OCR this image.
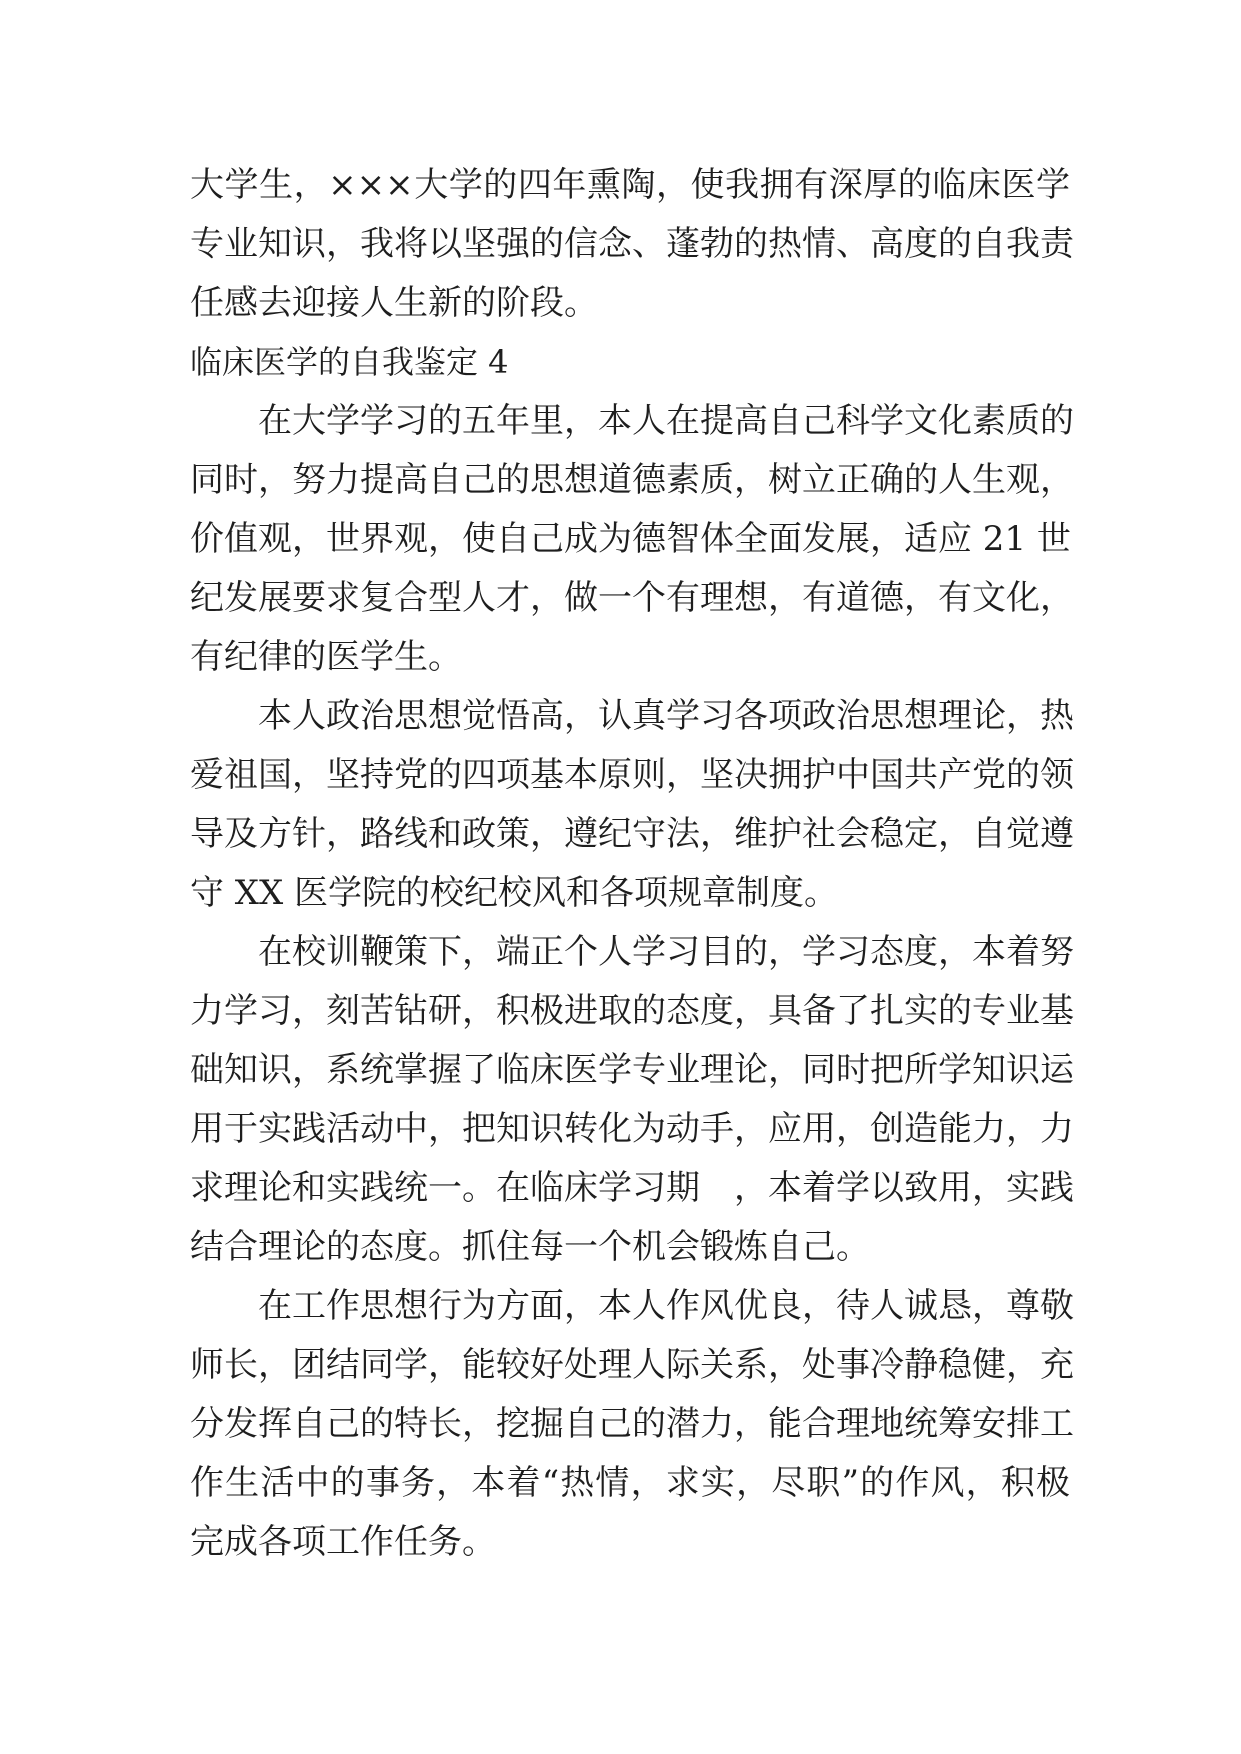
大学生，×××大学的四年熏陶，使我拥有深厚的临床医学
专业知识，我将以坚强的信念、蓬勃的热情、高度的自我责
任感去迎接人生新的阶段。
临床医学的自我鉴定 4
在大学学习的五年里，本人在提高自己科学文化素质的
同时，努力提高自己的思想道德素质，树立正确的人生观，
价值观，世界观，使自己成为德智体全面发展，适应 21 世
纪发展要求复合型人才，做一个有理想，有道德，有文化，
有纪律的医学生。
本人政治思想觉悟高，认真学习各项政治思想理论，热
爱祖国，坚持党的四项基本原则，坚决拥护中国共产党的领
导及方针，路线和政策，遵纪守法，维护社会稳定，自觉遵
守 XX 医学院的校纪校风和各项规章制度。
在校训鞭策下，端正个人学习目的，学习态度，本着努
力学习，刻苦钻研，积极进取的态度，具备了扎实的专业基
础知识，系统掌握了临床医学专业理论，同时把所学知识运
用于实践活动中，把知识转化为动手，应用，创造能力，力
求理论和实践统一。在临床学习期　，本着学以致用，实践
结合理论的态度。抓住每一个机会锻炼自己。
在工作思想行为方面，本人作风优良，待人诚恳，尊敬
师长，团结同学，能较好处理人际关系，处事冷静稳健，充
分发挥自己的特长，挖掘自己的潜力，能合理地统筹安排工
作生活中的事务，本着“热情，求实，尽职”的作风，积极
完成各项工作任务。
